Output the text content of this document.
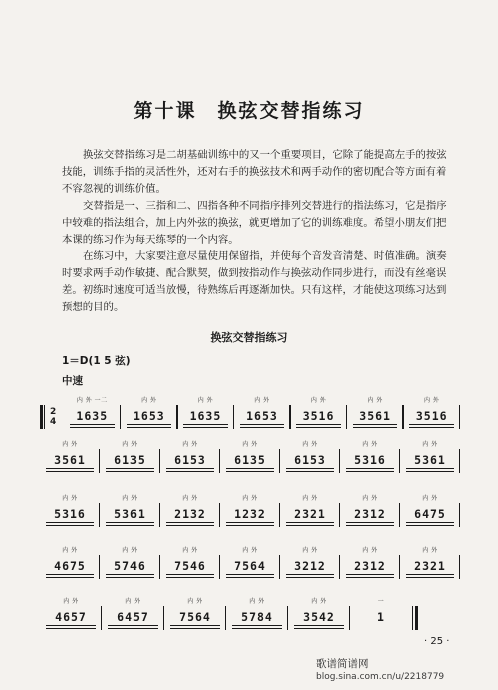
第十课　换弦交替指练习
换弦交替指练习是二胡基础训练中的又一个重要项目，它除了能提高左手的按弦技能，训练手指的灵活性外，还对右手的换弦技术和两手动作的密切配合等方面有着不容忽视的训练价值。
交替指是一、三指和二、四指各种不同指序排列交替进行的指法练习，它是指序中较难的指法组合，加上内外弦的换弦，就更增加了它的训练难度。希望小朋友们把本课的练习作为每天练琴的一个内容。
在练习中，大家要注意尽量使用保留指，并使每个音发音清楚、时值准确。演奏时要求两手动作敏捷、配合默契，做到按指动作与换弦动作同步进行，而没有丝毫误差。初练时速度可适当放慢，待熟练后再逐渐加快。只有这样，才能使这项练习达到预想的目的。
换弦交替指练习
1＝D(1 5 弦)
中速
2
4
内 外 一二
1635
内 外
1653
内 外
1635
内 外
1653
内 外
3516
内 外
3561
内 外
3516
内 外
3561
内 外
6135
内 外
6153
内 外
6135
内 外
6153
内 外
5316
内 外
5361
内 外
5316
内 外
5361
内 外
2132
内 外
1232
内 外
2321
内 外
2312
内 外
6475
内 外
4675
内 外
5746
内 外
7546
内 外
7564
内 外
3212
内 外
2312
内 外
2321
内 外
4657
内 外
6457
内 外
7564
内 外
5784
内 外
3542
一
1
· 25 ·
歌谱简谱网
blog.sina.com.cn/u/2218779
